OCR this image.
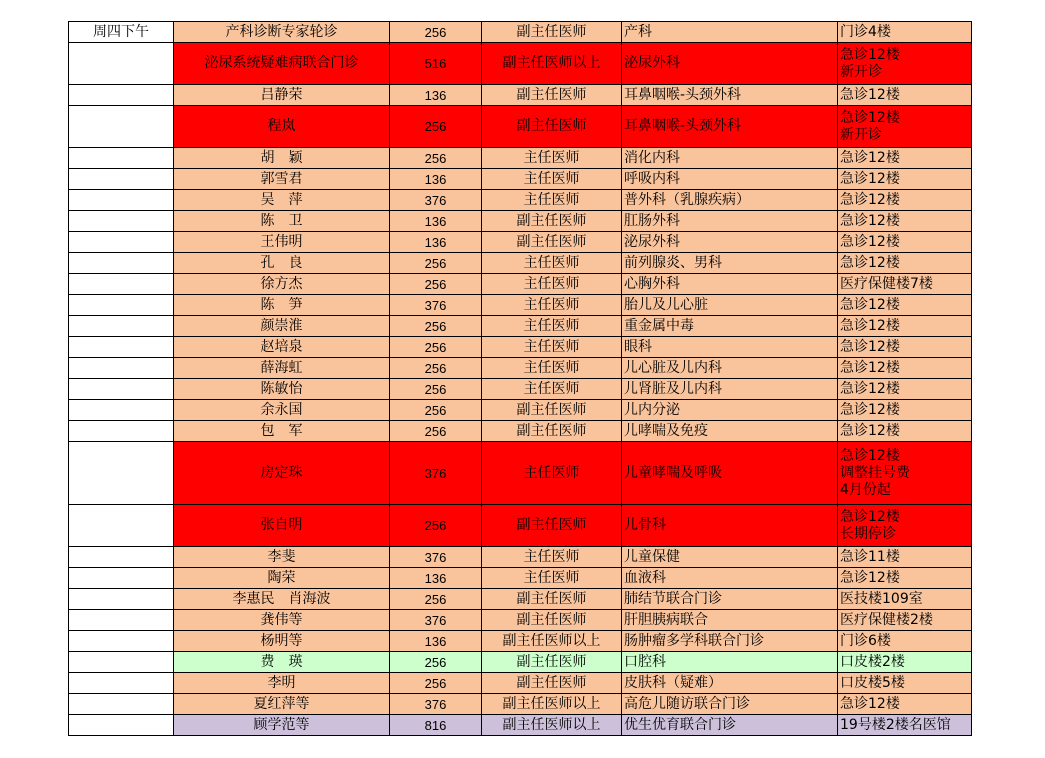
周四下午	产科诊断专家轮诊	256	副主任医师	产科	门诊4楼

	泌尿系统疑难病联合门诊	516	副主任医师以上	泌尿外科	急诊12楼
新开诊

	吕静荣	136	副主任医师	耳鼻咽喉-头颈外科	急诊12楼

	程岚	256	副主任医师	耳鼻咽喉-头颈外科	急诊12楼
新开诊

	胡　颖	256	主任医师	消化内科	急诊12楼

	郭雪君	136	主任医师	呼吸内科	急诊12楼

	吴　萍	376	主任医师	普外科（乳腺疾病）	急诊12楼

	陈　卫	136	副主任医师	肛肠外科	急诊12楼

	王伟明	136	副主任医师	泌尿外科	急诊12楼

	孔　良	256	主任医师	前列腺炎、男科	急诊12楼

	徐方杰	256	主任医师	心胸外科	医疗保健楼7楼

	陈　笋	376	主任医师	胎儿及儿心脏	急诊12楼

	颜崇淮	256	主任医师	重金属中毒	急诊12楼

	赵培泉	256	主任医师	眼科	急诊12楼

	薛海虹	256	主任医师	儿心脏及儿内科	急诊12楼

	陈敏怡	256	主任医师	儿肾脏及儿内科	急诊12楼

	余永国	256	副主任医师	儿内分泌	急诊12楼

	包　军	256	副主任医师	儿哮喘及免疫	急诊12楼

	房定珠	376	主任医师	儿童哮喘及呼吸	急诊12楼
调整挂号费
4月份起

	张自明	256	副主任医师	儿骨科	急诊12楼
长期停诊

	李斐	376	主任医师	儿童保健	急诊11楼

	陶荣	136	主任医师	血液科	急诊12楼

	李惠民　肖海波	256	副主任医师	肺结节联合门诊	医技楼109室

	龚伟等	376	副主任医师	肝胆胰病联合	医疗保健楼2楼

	杨明等	136	副主任医师以上	肠肿瘤多学科联合门诊	门诊6楼

	费　瑛	256	副主任医师	口腔科	口皮楼2楼

	李明	256	副主任医师	皮肤科（疑难）	口皮楼5楼

	夏红萍等	376	副主任医师以上	高危儿随访联合门诊	急诊12楼

	顾学范等	816	副主任医师以上	优生优育联合门诊	19号楼2楼名医馆
